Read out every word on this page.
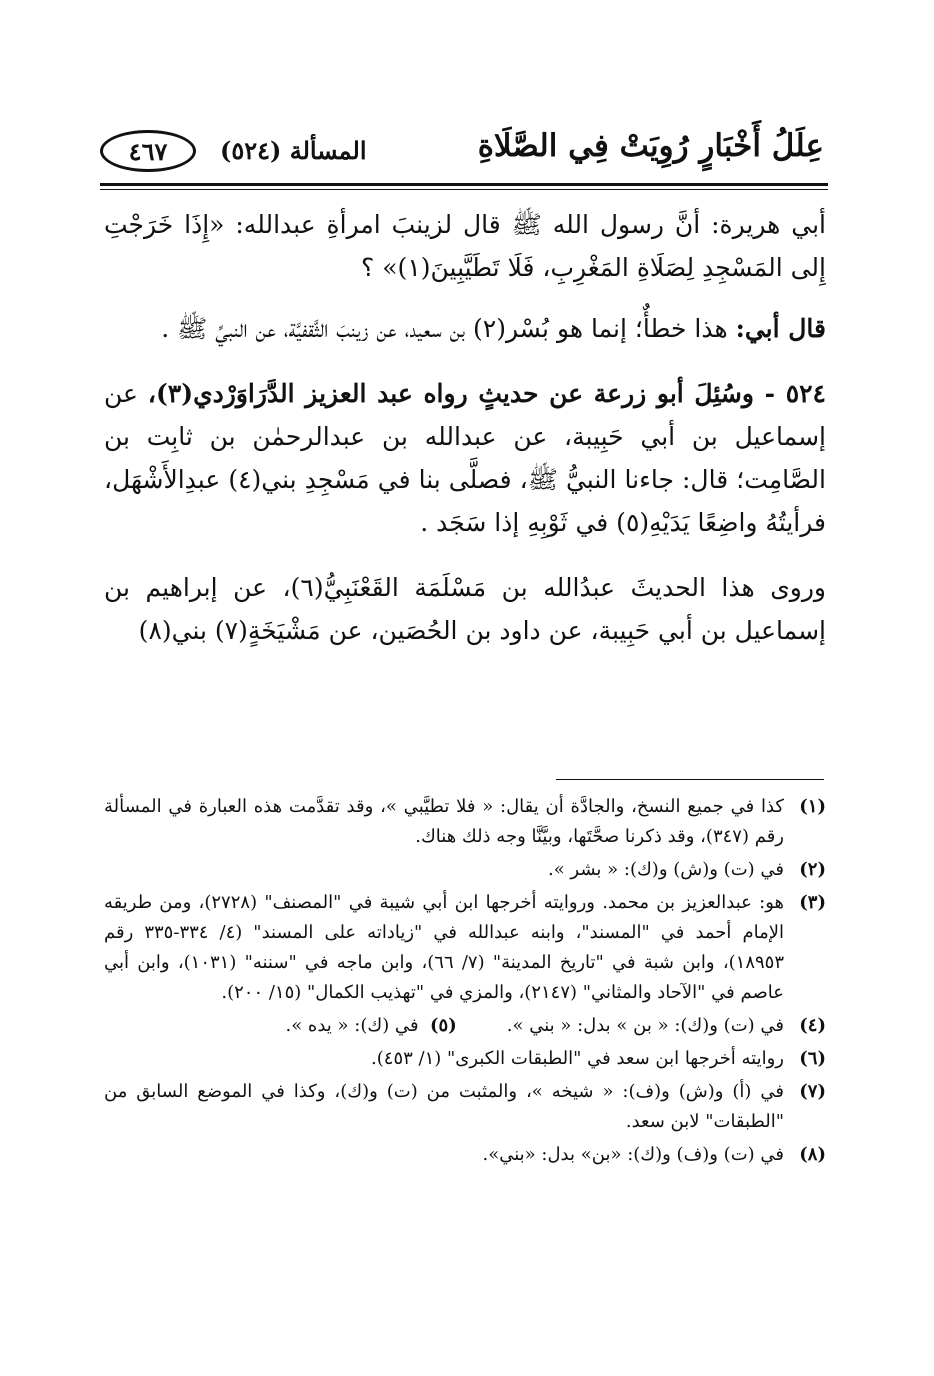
عِلَلُ أَخْبَارٍ رُوِيَتْ فِي الصَّلَاةِ
المسألة (٥٢٤)
٤٦٧

أبي هريرة: أنَّ رسول الله ﷺ قال لزينبَ امرأةِ عبدالله: «إِذَا خَرَجْتِ إِلى المَسْجِدِ لِصَلَاةِ المَغْرِبِ، فَلَا تَطَيَّبِينَ(١)» ؟

قال أبي: هذا خطأٌ؛ إنما هو بُسْر(٢) بن سعيد، عن زينبَ الثَّقفيَّة، عن النبيِّ ﷺ .

٥٢٤ - وسُئِلَ أبو زرعة عن حديثٍ رواه عبد العزيز الدَّرَاوَرْدي(٣)، عن إسماعيل بن أبي حَبِيبة، عن عبدالله بن عبدالرحمٰن بن ثابِت بن الصَّامِت؛ قال: جاءنا النبيُّ ﷺ، فصلَّى بنا في مَسْجِدِ بني(٤) عبدِالأَشْهَل، فرأيتُهُ واضِعًا يَدَيْهِ(٥) في ثَوْبِهِ إذا سَجَد .

وروى هذا الحديثَ عبدُالله بن مَسْلَمَة القَعْنَبِيُّ(٦)، عن إبراهيم بن إسماعيل بن أبي حَبِيبة، عن داود بن الحُصَين، عن مَشْيَخَةٍ(٧) بني(٨)

(١)
كذا في جميع النسخ، والجادَّة أن يقال: « فلا تطيَّبي »، وقد تقدَّمت هذه العبارة في المسألة رقم (٣٤٧)، وقد ذكرنا صحَّتَها، وبيَّنَّا وجه ذلك هناك.
(٢)
في (ت) و(ش) و(ك): « بشر ».
(٣)
هو: عبدالعزيز بن محمد. وروايته أخرجها ابن أبي شيبة في "المصنف" (٢٧٢٨)، ومن طريقه الإمام أحمد في "المسند"، وابنه عبدالله في "زياداته على المسند" (٤/ ٣٣٤-٣٣٥ رقم ١٨٩٥٣)، وابن شبة في "تاريخ المدينة" (٧/ ٦٦)، وابن ماجه في "سننه" (١٠٣١)، وابن أبي عاصم في "الآحاد والمثاني" (٢١٤٧)، والمزي في "تهذيب الكمال" (١٥/ ٢٠٠).
(٤)
في (ت) و(ك): « بن » بدل: « بني ».(٥)  في (ك): « يده ».
(٦)
روايته أخرجها ابن سعد في "الطبقات الكبرى" (١/ ٤٥٣).
(٧)
في (أ) و(ش) و(ف): « شيخه »، والمثبت من (ت) و(ك)، وكذا في الموضع السابق من "الطبقات" لابن سعد.
(٨)
في (ت) و(ف) و(ك): «بن» بدل: «بني».
